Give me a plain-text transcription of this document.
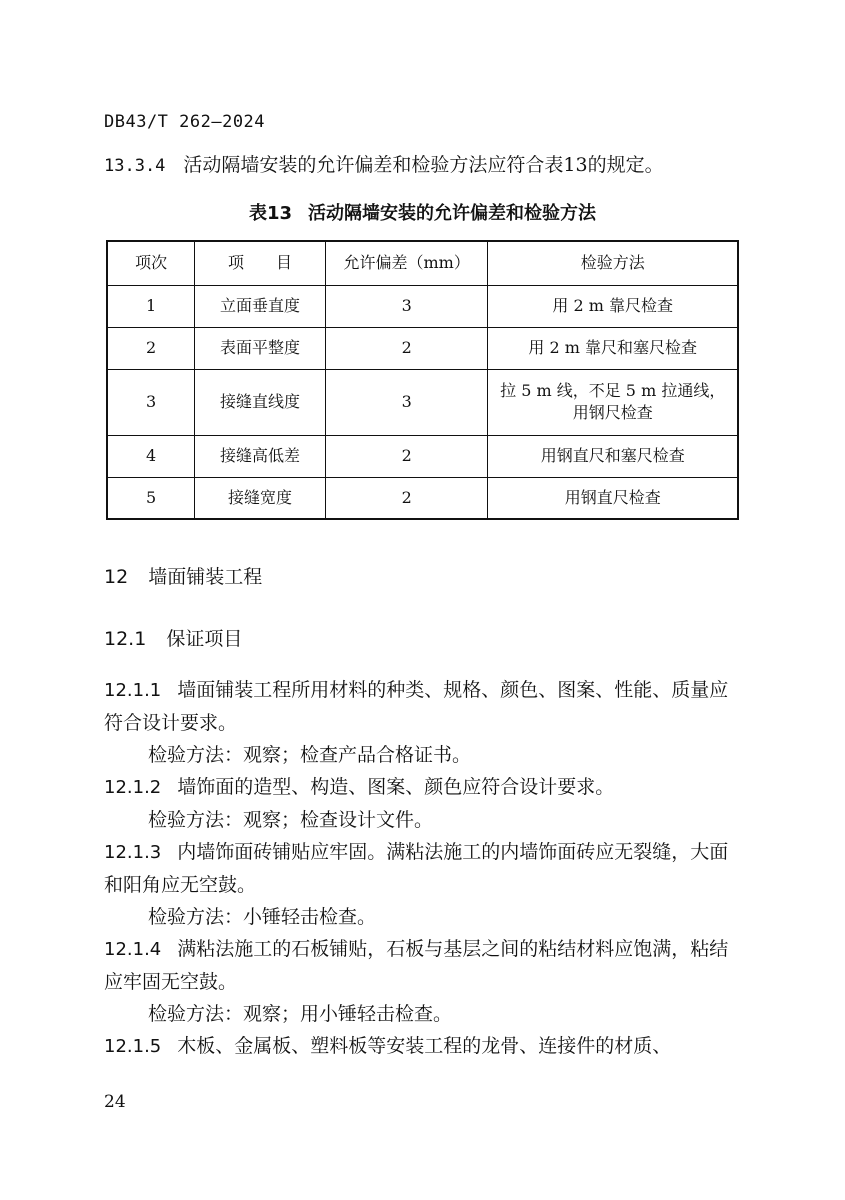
DB43/T 262—2024
13.3.4 活动隔墙安装的允许偏差和检验方法应符合表13的规定。
表13 活动隔墙安装的允许偏差和检验方法
项次	项　　目	允许偏差（mm）	检验方法
1	立面垂直度	3	用 2 m 靠尺检查
2	表面平整度	2	用 2 m 靠尺和塞尺检查
3	接缝直线度	3	拉 5 m 线，不足 5 m 拉通线，
用钢尺检查

4	接缝高低差	2	用钢直尺和塞尺检查
5	接缝宽度	2	用钢直尺检查
12 墙面铺装工程
12.1 保证项目

12.1.1 墙面铺装工程所用材料的种类、规格、颜色、图案、性能、质量应符合设计要求。

检验方法：观察；检查产品合格证书。

12.1.2 墙饰面的造型、构造、图案、颜色应符合设计要求。

检验方法：观察；检查设计文件。

12.1.3 内墙饰面砖铺贴应牢固。满粘法施工的内墙饰面砖应无裂缝，大面和阳角应无空鼓。

检验方法：小锤轻击检查。

12.1.4 满粘法施工的石板铺贴，石板与基层之间的粘结材料应饱满，粘结应牢固无空鼓。

检验方法：观察；用小锤轻击检查。

12.1.5 木板、金属板、塑料板等安装工程的龙骨、连接件的材质、

24
